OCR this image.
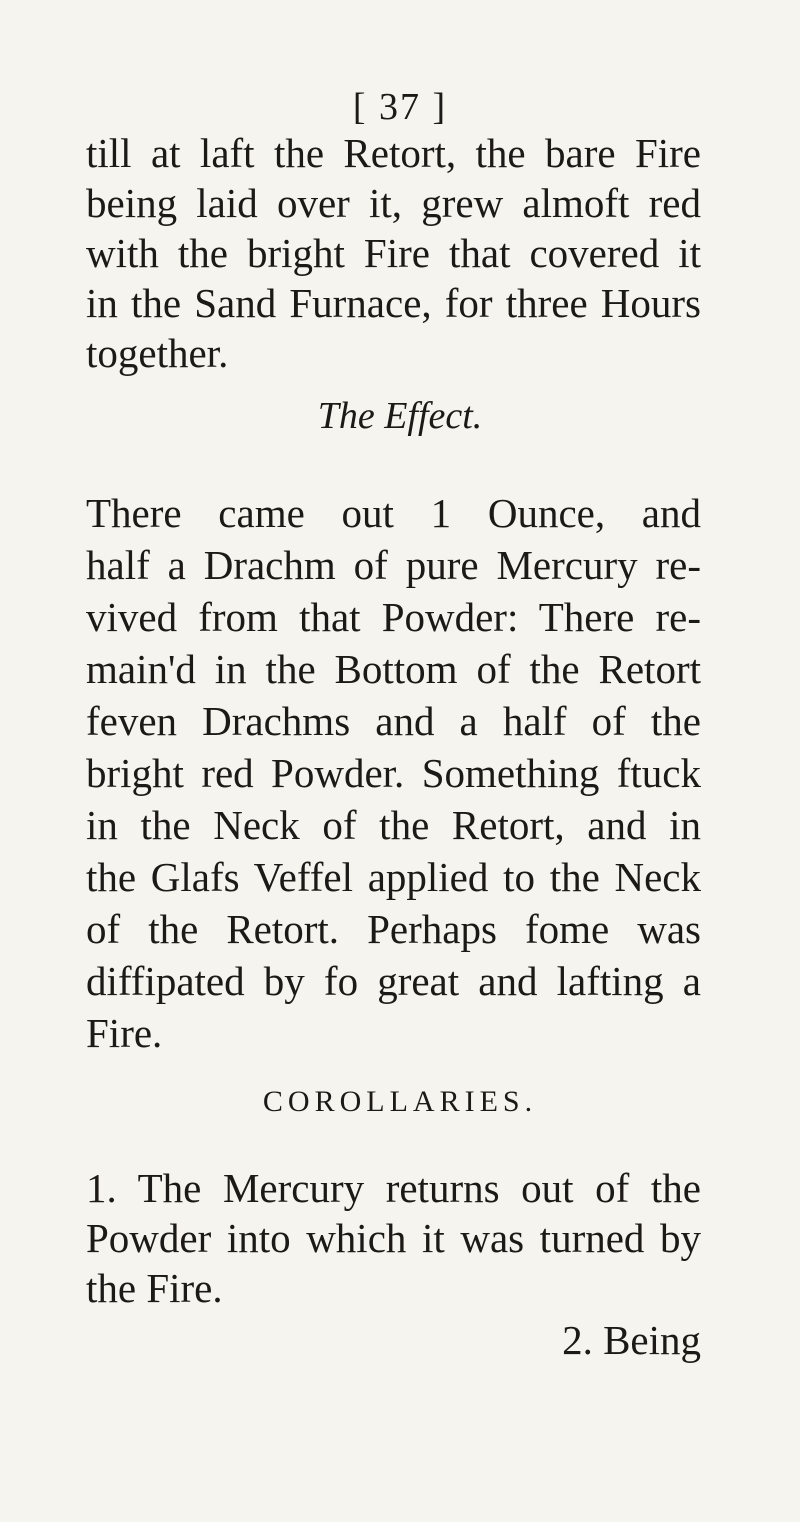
[ 37 ]
till at laft the Retort, the bare Fire
being laid over it, grew almoft red
with the bright Fire that covered it
in the Sand Furnace, for three Hours
together.
The Effect.
There came out 1 Ounce, and
half a Drachm of pure Mercury re-
vived from that Powder: There re-
main'd in the Bottom of the Retort
feven Drachms and a half of the
bright red Powder. Something ftuck
in the Neck of the Retort, and in
the Glafs Veffel applied to the Neck
of the Retort. Perhaps fome was
diffipated by fo great and lafting a
Fire.
COROLLARIES.
1. The Mercury returns out of the
Powder into which it was turned by
the Fire.
2. Being
